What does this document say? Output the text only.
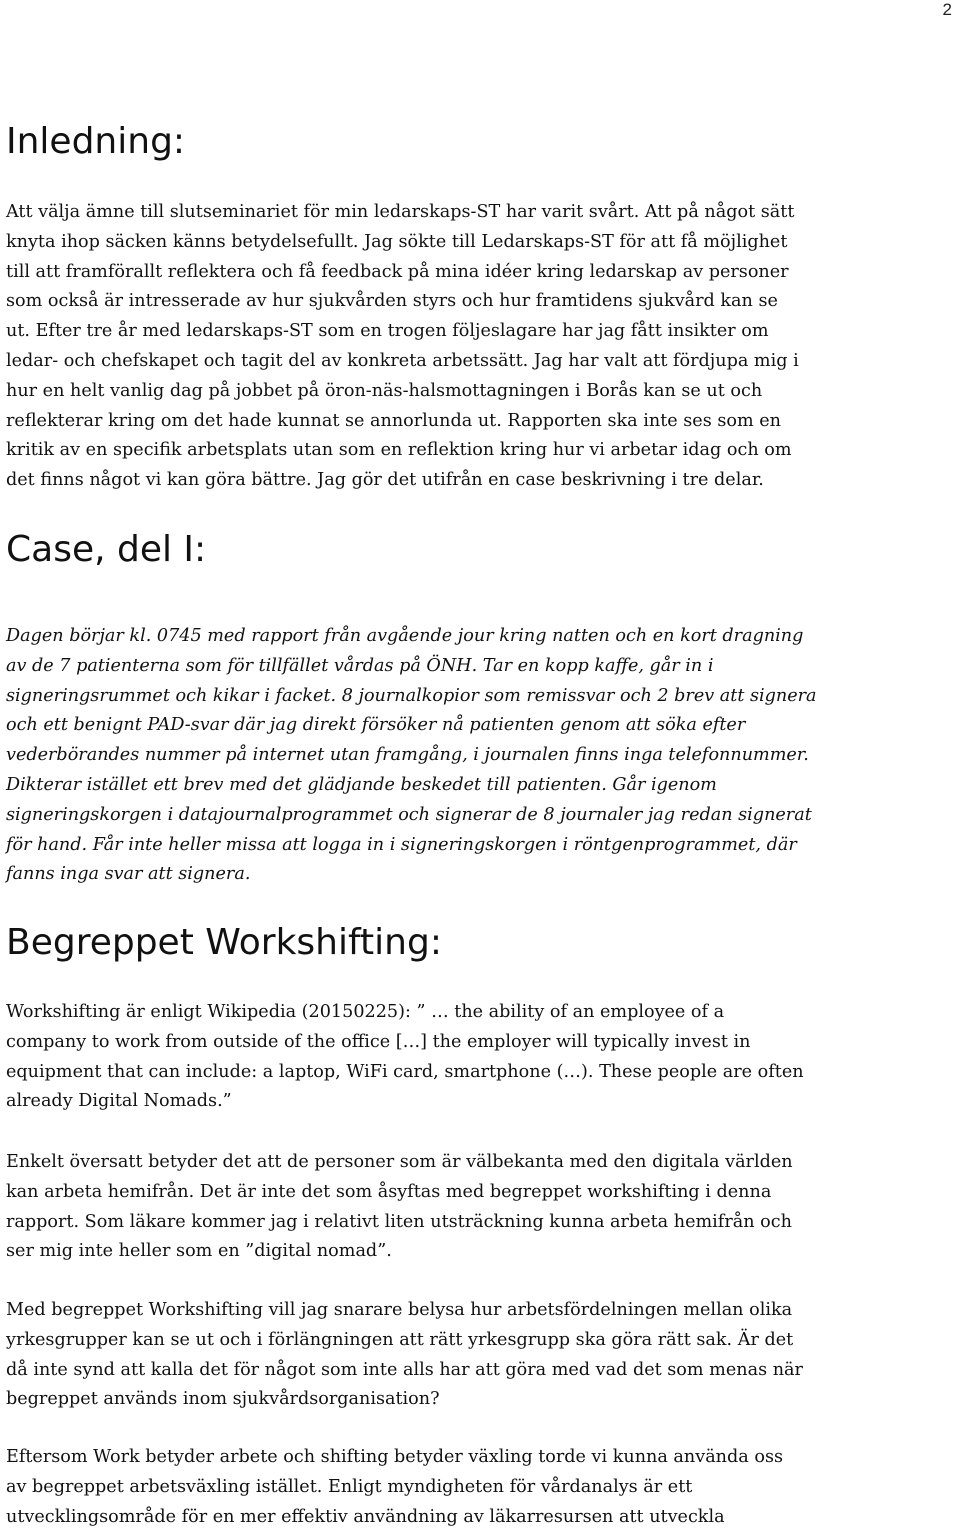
2
Inledning:
Att välja ämne till slutseminariet för min ledarskaps-ST har varit svårt. Att på något sätt
knyta ihop säcken känns betydelsefullt. Jag sökte till Ledarskaps-ST för att få möjlighet
till att framförallt reflektera och få feedback på mina idéer kring ledarskap av personer
som också är intresserade av hur sjukvården styrs och hur framtidens sjukvård kan se
ut. Efter tre år med ledarskaps-ST som en trogen följeslagare har jag fått insikter om
ledar- och chefskapet och tagit del av konkreta arbetssätt. Jag har valt att fördjupa mig i
hur en helt vanlig dag på jobbet på öron-näs-halsmottagningen i Borås kan se ut och
reflekterar kring om det hade kunnat se annorlunda ut. Rapporten ska inte ses som en
kritik av en specifik arbetsplats utan som en reflektion kring hur vi arbetar idag och om
det finns något vi kan göra bättre. Jag gör det utifrån en case beskrivning i tre delar.
Case, del I:
Dagen börjar kl. 0745 med rapport från avgående jour kring natten och en kort dragning
av de 7 patienterna som för tillfället vårdas på ÖNH. Tar en kopp kaffe, går in i
signeringsrummet och kikar i facket. 8 journalkopior som remissvar och 2 brev att signera
och ett benignt PAD-svar där jag direkt försöker nå patienten genom att söka efter
vederbörandes nummer på internet utan framgång, i journalen finns inga telefonnummer.
Dikterar istället ett brev med det glädjande beskedet till patienten. Går igenom
signeringskorgen i datajournalprogrammet och signerar de 8 journaler jag redan signerat
för hand. Får inte heller missa att logga in i signeringskorgen i röntgenprogrammet, där
fanns inga svar att signera.
Begreppet Workshifting:
Workshifting är enligt Wikipedia (20150225): ” … the ability of an employee of a
company to work from outside of the office […] the employer will typically invest in
equipment that can include: a laptop, WiFi card, smartphone (…). These people are often
already Digital Nomads.”
Enkelt översatt betyder det att de personer som är välbekanta med den digitala världen
kan arbeta hemifrån. Det är inte det som åsyftas med begreppet workshifting i denna
rapport. Som läkare kommer jag i relativt liten utsträckning kunna arbeta hemifrån och
ser mig inte heller som en ”digital nomad”.
Med begreppet Workshifting vill jag snarare belysa hur arbetsfördelningen mellan olika
yrkesgrupper kan se ut och i förlängningen att rätt yrkesgrupp ska göra rätt sak. Är det
då inte synd att kalla det för något som inte alls har att göra med vad det som menas när
begreppet används inom sjukvårdsorganisation?
Eftersom Work betyder arbete och shifting betyder växling torde vi kunna använda oss
av begreppet arbetsväxling istället. Enligt myndigheten för vårdanalys är ett
utvecklingsområde för en mer effektiv användning av läkarresursen att utveckla
